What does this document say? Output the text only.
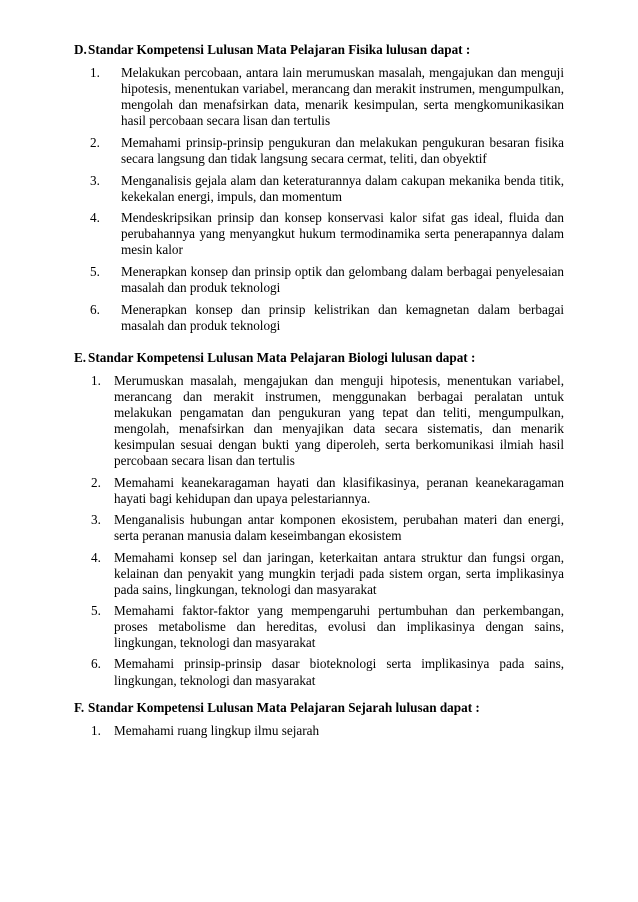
D.Standar Kompetensi Lulusan Mata Pelajaran Fisika lulusan dapat :
1.	Melakukan percobaan, antara lain merumuskan masalah, mengajukan dan menguji hipotesis, menentukan variabel, merancang dan merakit instrumen, mengumpulkan, mengolah dan menafsirkan data, menarik kesimpulan, serta mengkomunikasikan hasil percobaan secara lisan dan tertulis
2.	Memahami prinsip-prinsip pengukuran dan melakukan pengukuran besaran fisika secara langsung dan tidak langsung secara cermat, teliti, dan obyektif
3.	Menganalisis gejala alam dan keteraturannya dalam cakupan mekanika benda titik, kekekalan energi, impuls, dan momentum
4.	Mendeskripsikan prinsip dan konsep konservasi kalor sifat gas ideal, fluida dan perubahannya yang menyangkut hukum termodinamika serta penerapannya dalam mesin kalor
5.	Menerapkan konsep dan prinsip optik dan gelombang dalam berbagai penyelesaian masalah dan produk teknologi
6.	Menerapkan konsep dan prinsip kelistrikan dan kemagnetan dalam berbagai masalah dan produk teknologi
E. Standar Kompetensi Lulusan Mata Pelajaran Biologi lulusan dapat :
1. Merumuskan masalah, mengajukan dan menguji hipotesis, menentukan variabel, merancang dan merakit instrumen, menggunakan berbagai peralatan untuk melakukan pengamatan dan pengukuran yang tepat dan teliti, mengumpulkan, mengolah, menafsirkan dan menyajikan data secara sistematis, dan menarik kesimpulan sesuai dengan bukti yang diperoleh, serta berkomunikasi ilmiah hasil percobaan secara lisan dan tertulis
2. Memahami keanekaragaman hayati dan klasifikasinya, peranan keanekaragaman hayati bagi kehidupan dan upaya pelestariannya.
3. Menganalisis hubungan antar komponen ekosistem, perubahan materi dan energi, serta peranan manusia dalam keseimbangan ekosistem
4. Memahami konsep sel dan jaringan, keterkaitan antara struktur dan fungsi organ, kelainan dan penyakit yang mungkin terjadi pada sistem organ, serta implikasinya pada sains, lingkungan, teknologi dan masyarakat
5. Memahami faktor-faktor yang mempengaruhi pertumbuhan dan perkembangan, proses metabolisme dan hereditas, evolusi dan implikasinya dengan sains, lingkungan, teknologi dan masyarakat
6. Memahami prinsip-prinsip dasar bioteknologi serta implikasinya pada sains, lingkungan, teknologi dan masyarakat
F. Standar Kompetensi Lulusan Mata Pelajaran Sejarah lulusan dapat :
1. Memahami ruang lingkup ilmu sejarah
